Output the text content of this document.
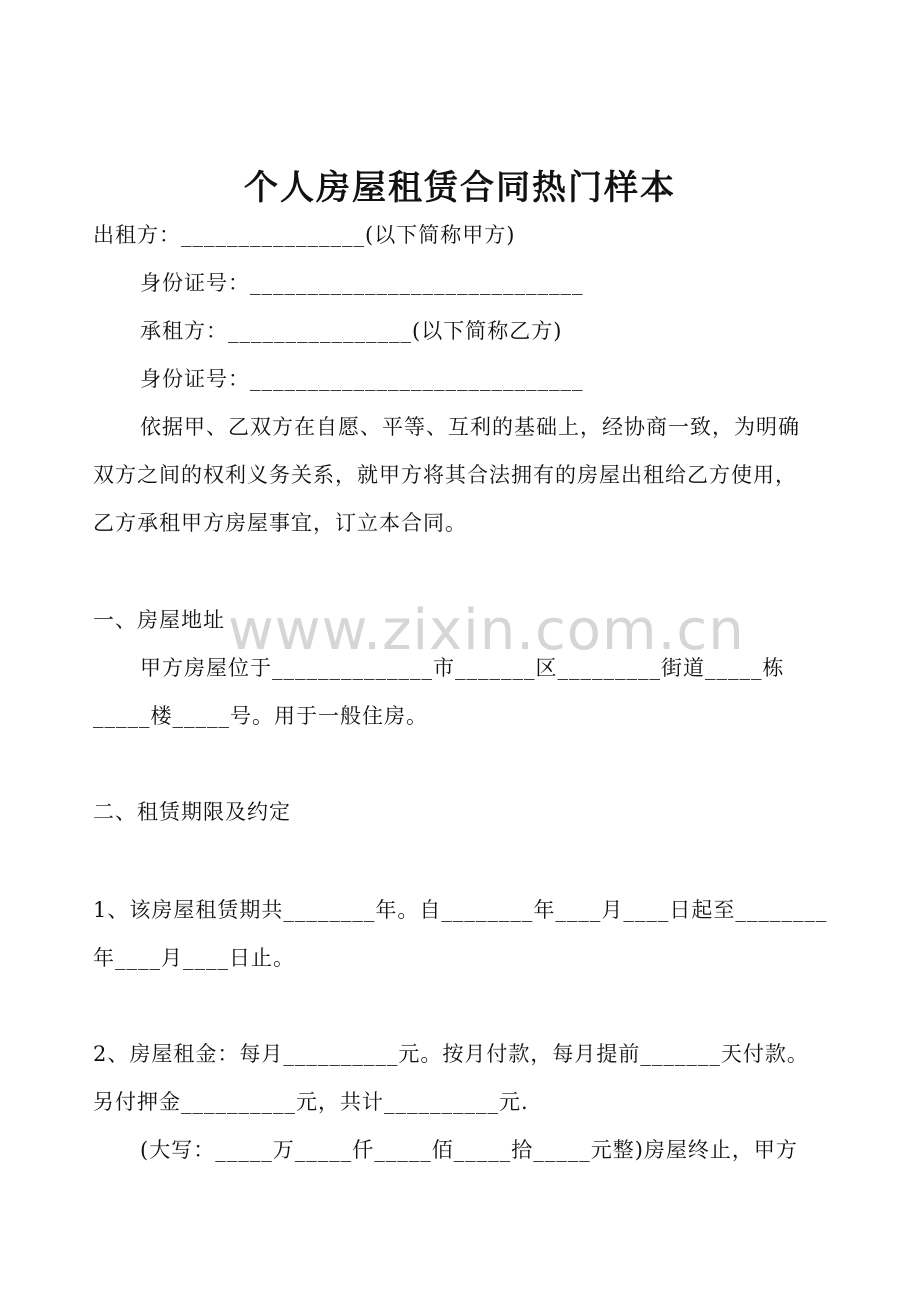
个人房屋租赁合同热门样本
出租方：________________(以下简称甲方)
身份证号：_____________________________
承租方：________________(以下简称乙方)
身份证号：_____________________________
依据甲、乙双方在自愿、平等、互利的基础上，经协商一致，为明确
双方之间的权利义务关系，就甲方将其合法拥有的房屋出租给乙方使用，
乙方承租甲方房屋事宜，订立本合同。
一、房屋地址
甲方房屋位于______________市_______区_________街道_____栋
_____楼_____号。用于一般住房。
二、租赁期限及约定
1、该房屋租赁期共________年。自________年____月____日起至________
年____月____日止。
2、房屋租金：每月__________元。按月付款，每月提前_______天付款。
另付押金__________元，共计__________元.
(大写：_____万_____仟_____佰_____拾_____元整)房屋终止，甲方
www.zixin.com.cn
